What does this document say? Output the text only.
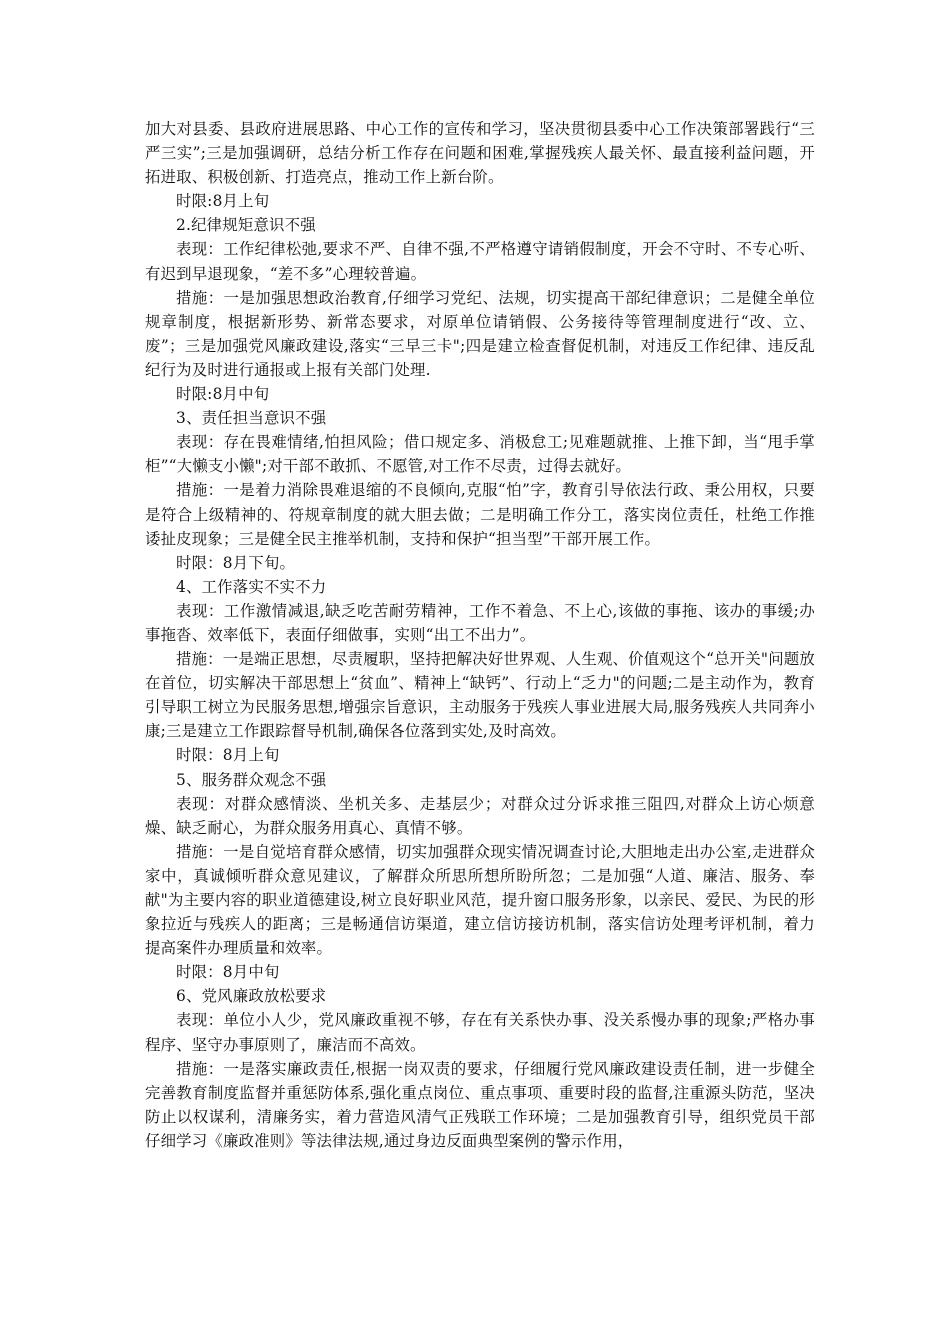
加大对县委、县政府进展思路、中心工作的宣传和学习，坚决贯彻县委中心工作决策部署践行“三严三实”;三是加强调研，总结分析工作存在问题和困难,掌握残疾人最关怀、最直接利益问题，开拓进取、积极创新、打造亮点，推动工作上新台阶。

时限:8月上旬

2.纪律规矩意识不强

表现：工作纪律松弛,要求不严、自律不强,不严格遵守请销假制度，开会不守时、不专心听、有迟到早退现象，“差不多”心理较普遍。

措施：一是加强思想政治教育,仔细学习党纪、法规，切实提高干部纪律意识；二是健全单位规章制度，根据新形势、新常态要求，对原单位请销假、公务接待等管理制度进行“改、立、废”；三是加强党风廉政建设,落实“三早三卡";四是建立检查督促机制，对违反工作纪律、违反乱纪行为及时进行通报或上报有关部门处理.

时限:8月中旬

3、责任担当意识不强

表现：存在畏难情绪,怕担风险；借口规定多、消极怠工;见难题就推、上推下卸，当“甩手掌柜”“大懒支小懒";对干部不敢抓、不愿管,对工作不尽责，过得去就好。

措施：一是着力消除畏难退缩的不良倾向,克服“怕”字，教育引导依法行政、秉公用权，只要是符合上级精神的、符规章制度的就大胆去做；二是明确工作分工，落实岗位责任，杜绝工作推诿扯皮现象；三是健全民主推举机制，支持和保护“担当型”干部开展工作。

时限：8月下旬。

4、工作落实不实不力

表现：工作激情减退,缺乏吃苦耐劳精神，工作不着急、不上心,该做的事拖、该办的事缓;办事拖沓、效率低下，表面仔细做事，实则“出工不出力”。

措施：一是端正思想，尽责履职，坚持把解决好世界观、人生观、价值观这个“总开关"问题放在首位，切实解决干部思想上“贫血”、精神上“缺钙”、行动上“乏力"的问题;二是主动作为，教育引导职工树立为民服务思想,增强宗旨意识，主动服务于残疾人事业进展大局,服务残疾人共同奔小康;三是建立工作跟踪督导机制,确保各位落到实处,及时高效。

时限：8月上旬

5、服务群众观念不强

表现：对群众感情淡、坐机关多、走基层少；对群众过分诉求推三阻四,对群众上访心烦意燥、缺乏耐心，为群众服务用真心、真情不够。

措施：一是自觉培育群众感情，切实加强群众现实情况调查讨论,大胆地走出办公室,走进群众家中，真诚倾听群众意见建议，了解群众所思所想所盼所忽；二是加强“人道、廉洁、服务、奉献"为主要内容的职业道德建设,树立良好职业风范，提升窗口服务形象，以亲民、爱民、为民的形象拉近与残疾人的距离；三是畅通信访渠道，建立信访接访机制，落实信访处理考评机制，着力提高案件办理质量和效率。

时限：8月中旬

6、党风廉政放松要求

表现：单位小人少，党风廉政重视不够，存在有关系快办事、没关系慢办事的现象;严格办事程序、坚守办事原则了，廉洁而不高效。

措施：一是落实廉政责任,根据一岗双责的要求，仔细履行党风廉政建设责任制，进一步健全完善教育制度监督并重惩防体系,强化重点岗位、重点事项、重要时段的监督,注重源头防范，坚决防止以权谋利，清廉务实，着力营造风清气正残联工作环境；二是加强教育引导，组织党员干部仔细学习《廉政准则》等法律法规,通过身边反面典型案例的警示作用，
